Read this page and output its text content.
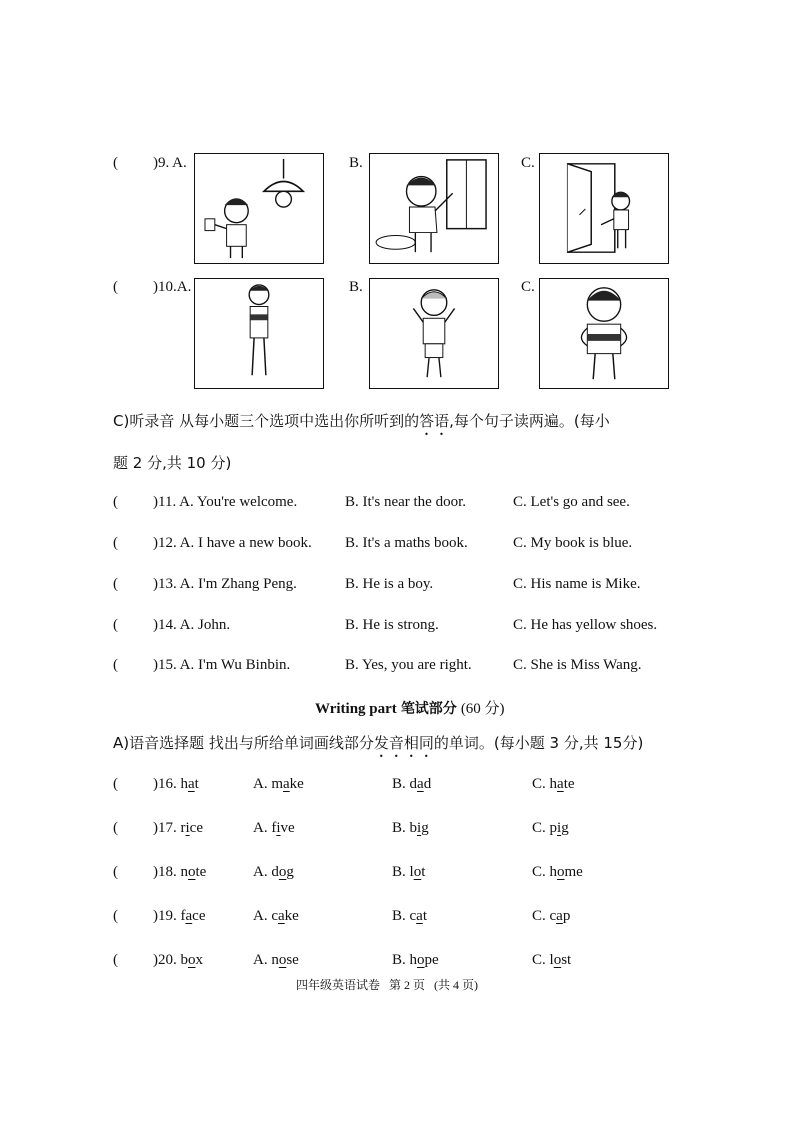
( )9. A.	B.	C.
( )10.A.	B.	C.
C)听录音 从每小题三个选项中选出你所听到的答语,每个句子读两遍。(每小
题 2 分,共 10 分)
( )11. A. You're welcome.	B. It's near the door.	C. Let's go and see.
( )12. A. I have a new book. B. It's a maths book.	C. My book is blue.
( )13. A. I'm Zhang Peng.	B. He is a boy.	C. His name is Mike.
( )14. A. John.	B. He is strong.	C. He has yellow shoes.
( )15. A. I'm Wu Binbin.	B. Yes, you are right.	C. She is Miss Wang.
Writing part 笔试部分 (60 分)
A)语音选择题 找出与所给单词画线部分发音相同的单词。(每小题 3 分,共 15分)
( )16. hat	A. make	B. dad	C. hate
( )17. rice	A. five	B. big	C. pig
( )18. note	A. dog	B. lot	C. home
( )19. face	A. cake	B. cat	C. cap
( )20. box	A. nose	B. hope	C. lost
四年级英语试卷 第 2 页 (共 4 页)
